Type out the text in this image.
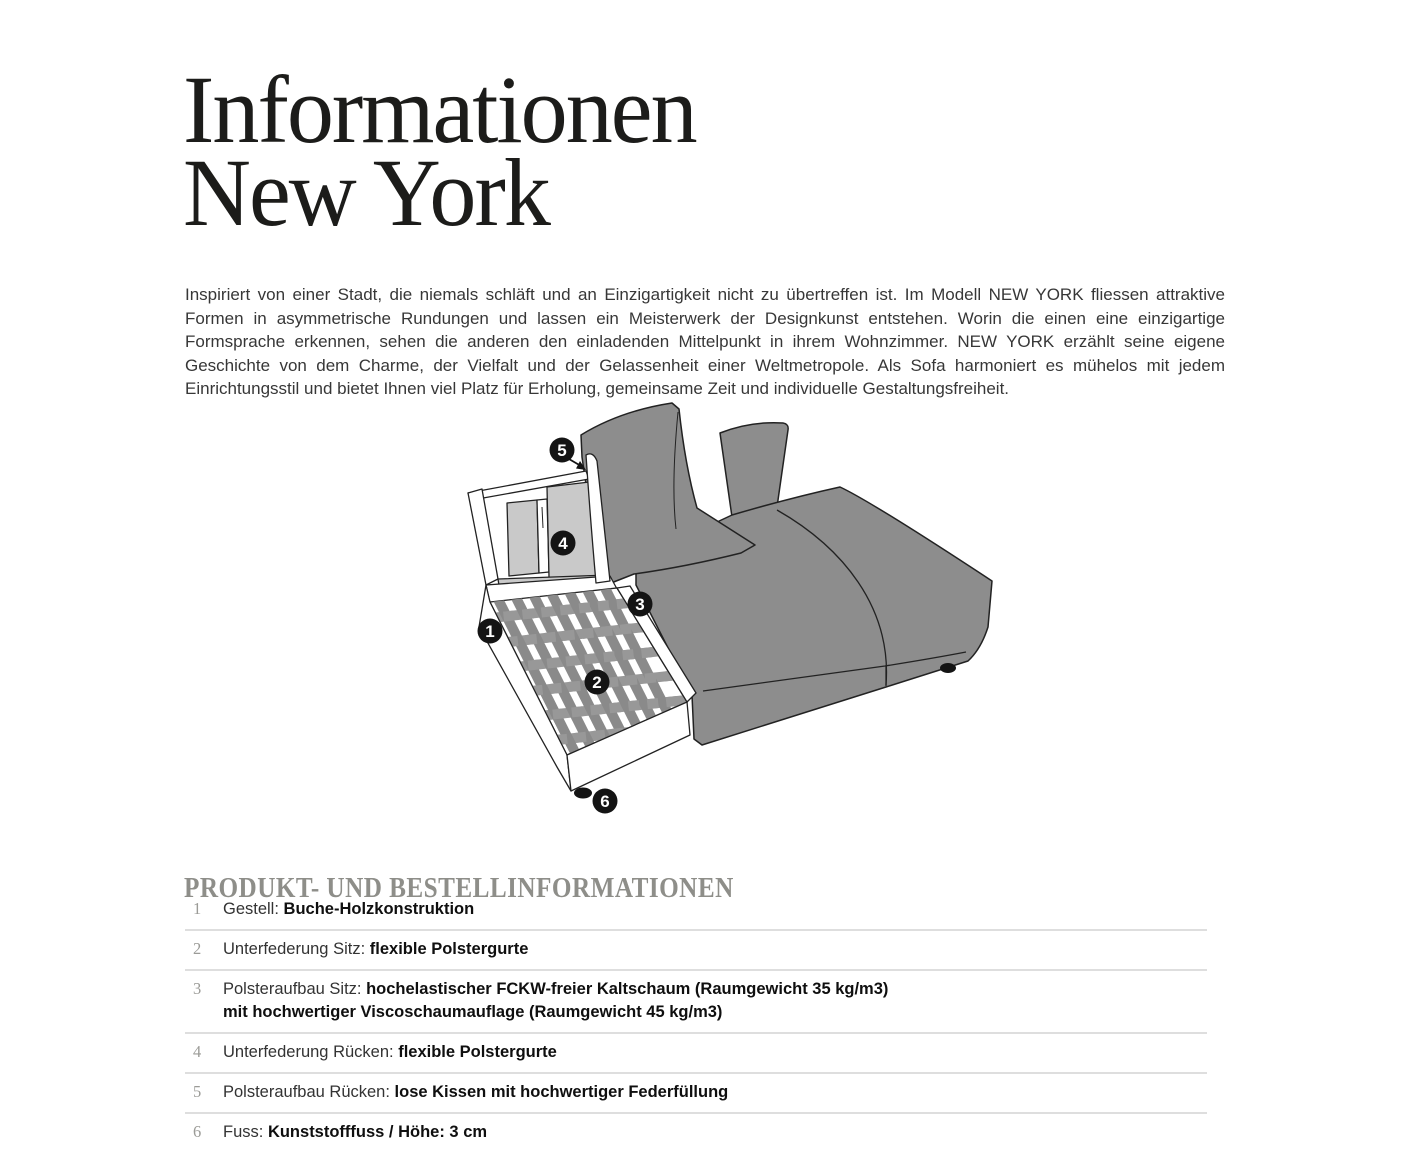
Informationen
New York

Inspiriert von einer Stadt, die niemals schläft und an Einzigartigkeit nicht zu übertreffen ist. Im Modell NEW YORK fliessen attraktive Formen in asymmetrische Rundungen und lassen ein Meisterwerk der Designkunst entstehen. Worin die einen eine einzigartige Formsprache erkennen, sehen die anderen den einladenden Mittelpunkt in ihrem Wohnzimmer. NEW YORK erzählt seine eigene Geschichte von dem Charme, der Vielfalt und der Gelassenheit einer Weltmetropole. Als Sofa harmoniert es mühelos mit jedem Einrichtungsstil und bietet Ihnen viel Platz für Erholung, gemeinsame Zeit und individuelle Gestaltungsfreiheit.

1
2
3
4
5
6
PRODUKT- UND BESTELLINFORMATIONEN
1	Gestell: Buche-Holzkonstruktion
2	Unterfederung Sitz: flexible Polstergurte
3	Polsteraufbau Sitz: hochelastischer FCKW-freier Kaltschaum (Raumgewicht 35 kg/m3)
mit hochwertiger Viscoschaumauflage (Raumgewicht 45 kg/m3)
4	Unterfederung Rücken: flexible Polstergurte
5	Polsteraufbau Rücken: lose Kissen mit hochwertiger Federfüllung
6	Fuss: Kunststofffuss / Höhe: 3 cm
